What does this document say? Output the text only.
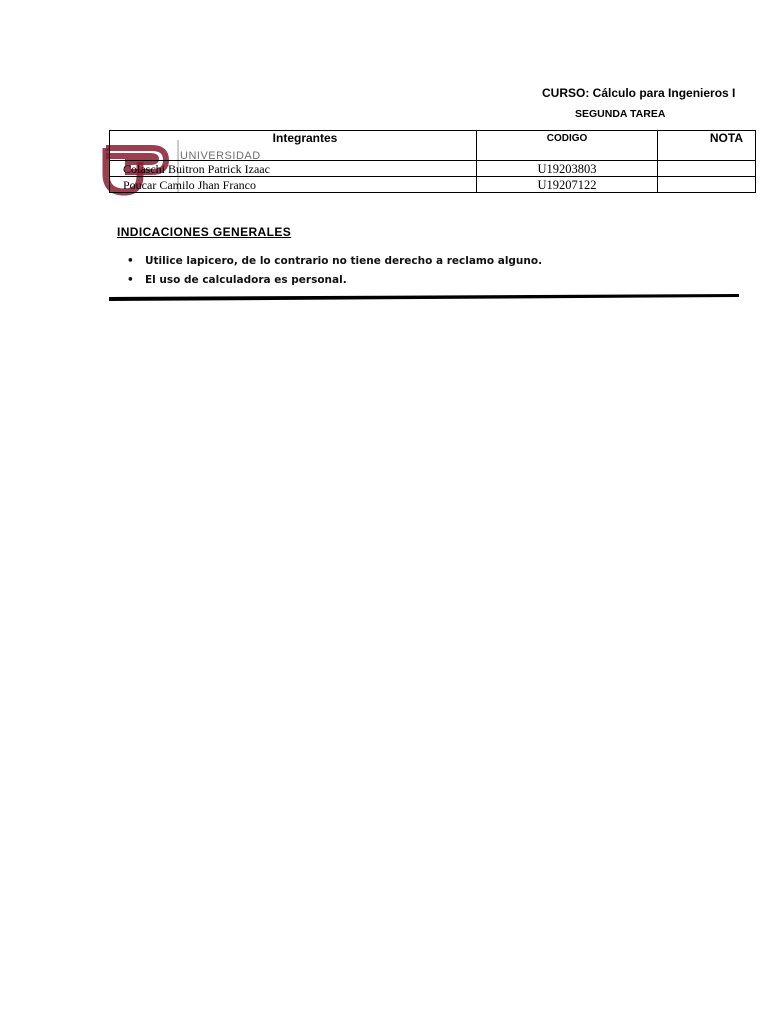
CURSO: Cálculo para Ingenieros I
SEGUNDA TAREA
UNIVERSIDAD
Integrantes	CODIGO	NOTA

Colaschi Buitron Patrick Izaac	U19203803	

Poucar Camilo Jhan Franco	U19207122	

INDICACIONES GENERALES
• Utilice lapicero, de lo contrario no tiene derecho a reclamo alguno.
• El uso de calculadora es personal.
